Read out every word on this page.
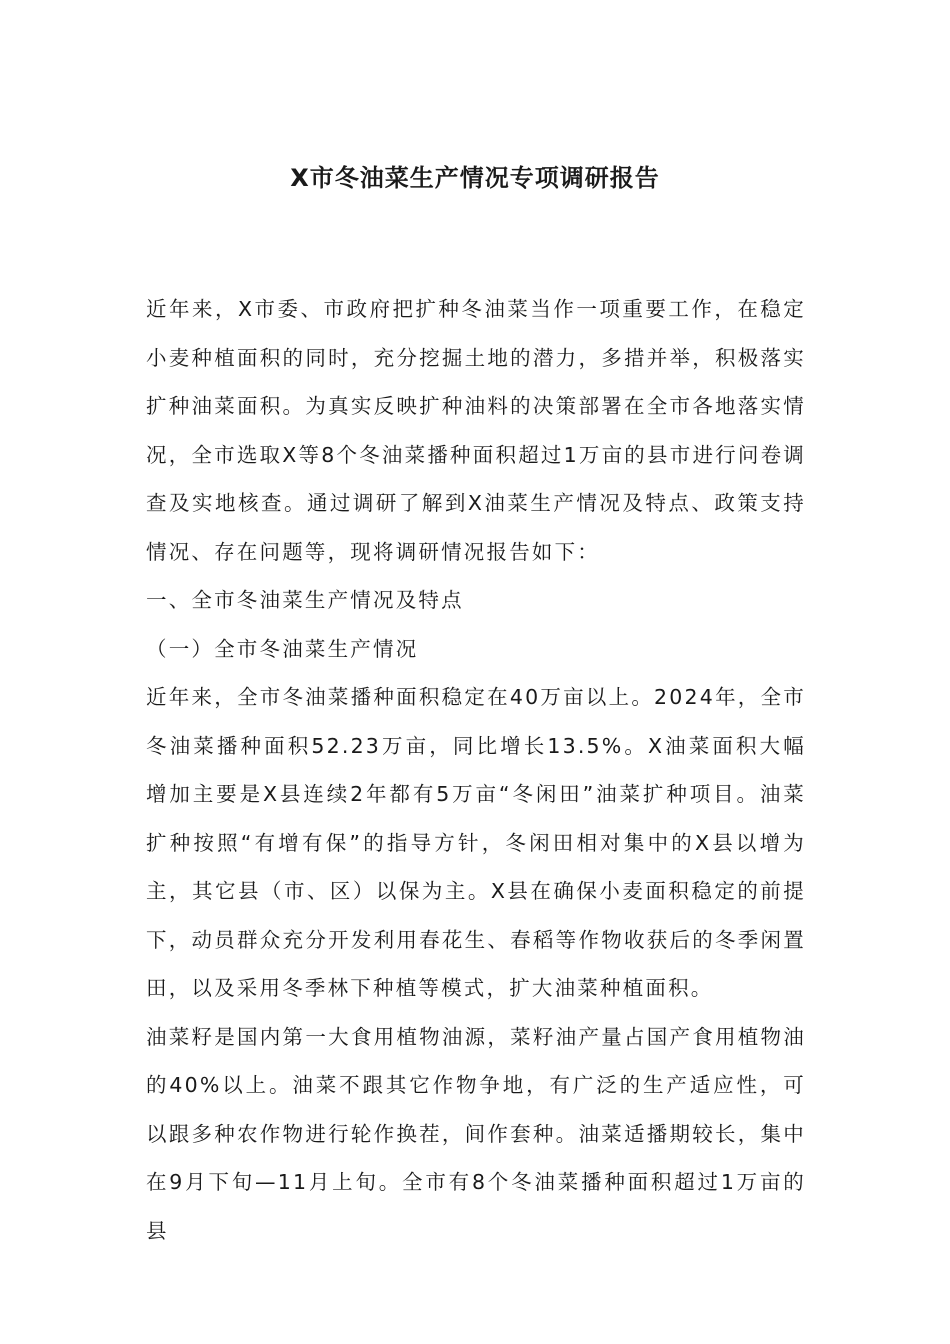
X市冬油菜生产情况专项调研报告

近年来，X市委、市政府把扩种冬油菜当作一项重要工作，在稳定小麦种植面积的同时，充分挖掘土地的潜力，多措并举，积极落实扩种油菜面积。为真实反映扩种油料的决策部署在全市各地落实情况，全市选取X等8个冬油菜播种面积超过1万亩的县市进行问卷调查及实地核查。通过调研了解到X油菜生产情况及特点、政策支持情况、存在问题等，现将调研情况报告如下：

一、全市冬油菜生产情况及特点

（一）全市冬油菜生产情况

近年来，全市冬油菜播种面积稳定在40万亩以上。2024年，全市冬油菜播种面积52.23万亩，同比增长13.5%。X油菜面积大幅增加主要是X县连续2年都有5万亩“冬闲田”油菜扩种项目。油菜扩种按照“有增有保”的指导方针，冬闲田相对集中的X县以增为主，其它县（市、区）以保为主。X县在确保小麦面积稳定的前提下，动员群众充分开发利用春花生、春稻等作物收获后的冬季闲置田，以及采用冬季林下种植等模式，扩大油菜种植面积。

油菜籽是国内第一大食用植物油源，菜籽油产量占国产食用植物油的40%以上。油菜不跟其它作物争地，有广泛的生产适应性，可以跟多种农作物进行轮作换茬，间作套种。油菜适播期较长，集中在9月下旬—11月上旬。全市有8个冬油菜播种面积超过1万亩的县
